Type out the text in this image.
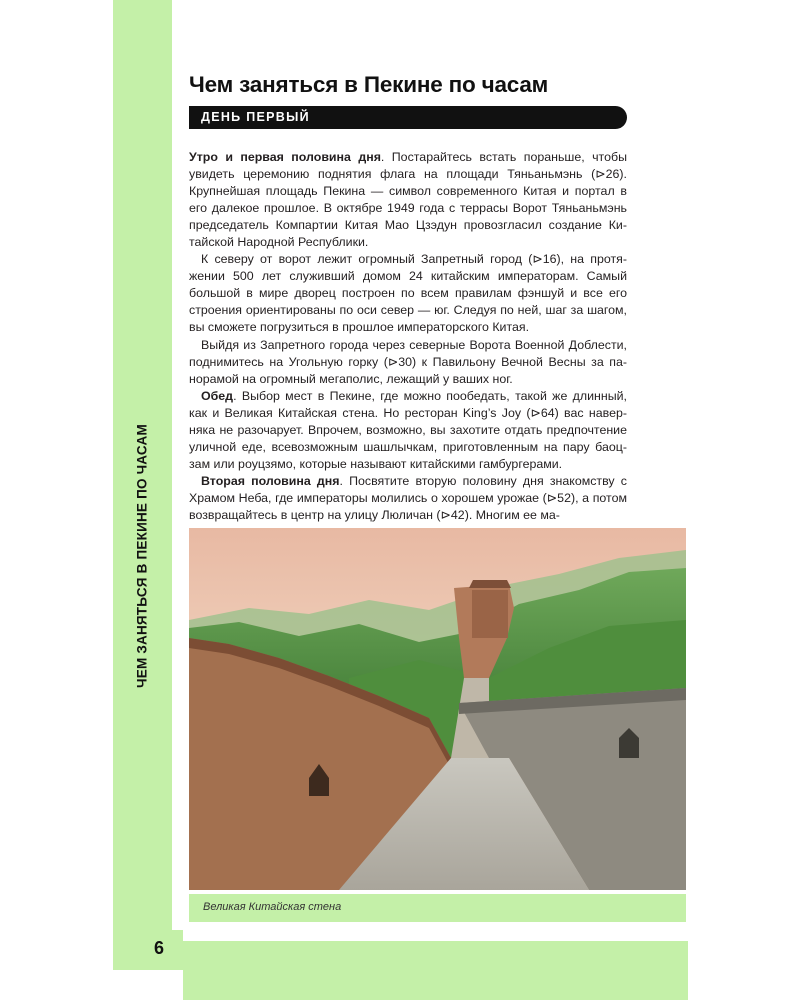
ЧЕМ ЗАНЯТЬСЯ В ПЕКИНЕ ПО ЧАСАМ
6
Чем заняться в Пекине по часам
ДЕНЬ ПЕРВЫЙ

Утро и первая половина дня. Постарайтесь встать пораньше, чтобы увидеть церемонию поднятия флага на площади Тяньаньмэнь (⊳26). Крупнейшая площадь Пекина — символ современного Китая и портал в его далекое прошлое. В октябре 1949 года с террасы Ворот Тяньаньмэнь председатель Компартии Китая Мао Цзэдун провозгласил создание Китайской Народной Республики.

К северу от ворот лежит огромный Запретный город (⊳16), на протяжении 500 лет служивший домом 24 китайским императорам. Самый большой в мире дворец построен по всем правилам фэншуй и все его строения ориентированы по оси север — юг. Следуя по ней, шаг за шагом, вы сможете погрузиться в прошлое императорского Китая.

Выйдя из Запретного города через северные Ворота Военной Доблести, поднимитесь на Угольную горку (⊳30) к Павильону Вечной Весны за панорамой на огромный мегаполис, лежащий у ваших ног.

Обед. Выбор мест в Пекине, где можно пообедать, такой же длинный, как и Великая Китайская стена. Но ресторан King’s Joy (⊳64) вас наверняка не разочарует. Впрочем, возможно, вы захотите отдать предпочтение уличной еде, всевозможным шашлычкам, приготовленным на пару баоцзам или роуцзямо, которые называют китайскими гамбургерами.

Вторая половина дня. Посвятите вторую половину дня знакомству с Храмом Неба, где императоры молились о хорошем урожае (⊳52), а потом возвращайтесь в центр на улицу Люличан (⊳42). Многим ее ма-

Великая Китайская стена
